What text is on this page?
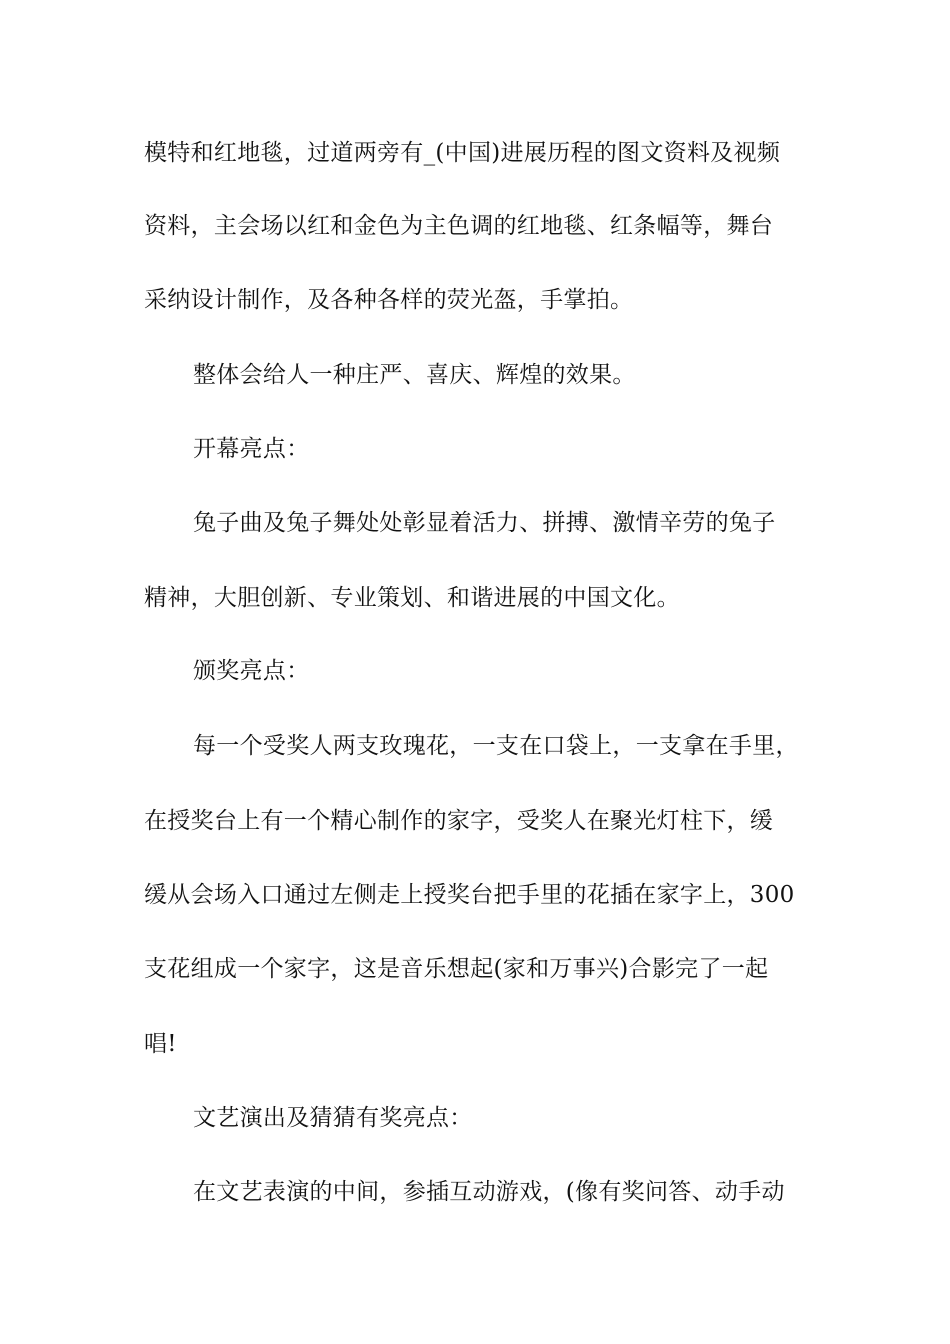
模特和红地毯，过道两旁有_(中国)进展历程的图文资料及视频
资料，主会场以红和金色为主色调的红地毯、红条幅等，舞台
采纳设计制作，及各种各样的荧光盔，手掌拍。
整体会给人一种庄严、喜庆、辉煌的效果。
开幕亮点：
兔子曲及兔子舞处处彰显着活力、拼搏、激情辛劳的兔子
精神，大胆创新、专业策划、和谐进展的中国文化。
颁奖亮点：
每一个受奖人两支玫瑰花，一支在口袋上，一支拿在手里，
在授奖台上有一个精心制作的家字，受奖人在聚光灯柱下，缓
缓从会场入口通过左侧走上授奖台把手里的花插在家字上，300
支花组成一个家字，这是音乐想起(家和万事兴)合影完了一起
唱!
文艺演出及猜猜有奖亮点：
在文艺表演的中间，参插互动游戏，(像有奖问答、动手动
